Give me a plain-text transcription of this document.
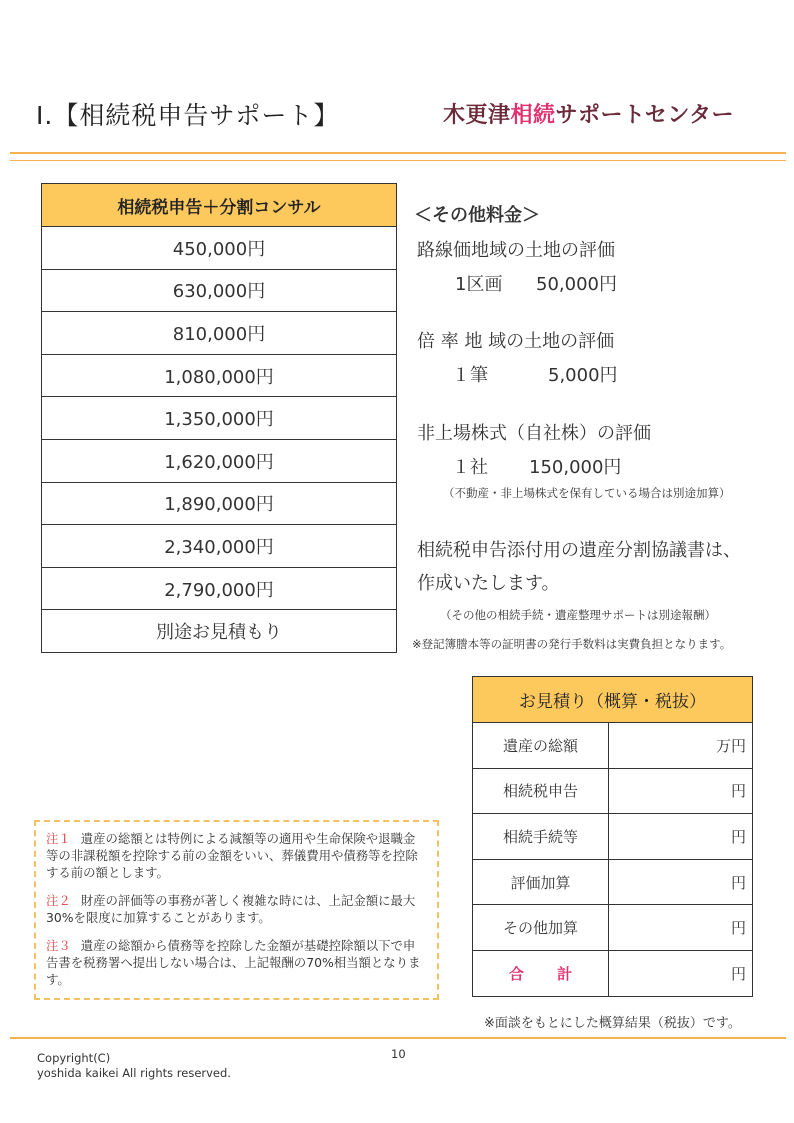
Ⅰ.【相続税申告サポート】	木更津相続サポートセンター
相続税申告＋分割コンサル
450,000円
630,000円
810,000円
1,080,000円
1,350,000円
1,620,000円
1,890,000円
2,340,000円
2,790,000円
別途お見積もり
＜その他料金＞
路線価地域の土地の評価
1区画 50,000円
倍 率 地 域の土地の評価
１筆	5,000円
非上場株式（自社株）の評価
１社 150,000円
（不動産・非上場株式を保有している場合は別途加算）
相続税申告添付用の遺産分割協議書は、
作成いたします。
（その他の相続手続・遺産整理サポートは別途報酬）
※登記簿謄本等の証明書の発行手数料は実費負担となります。

注１ 遺産の総額とは特例による減額等の適用や生命保険や退職金等の非課税額を控除する前の金額をいい、葬儀費用や債務等を控除する前の額とします。

注２ 財産の評価等の事務が著しく複雑な時には、上記金額に最大30%を限度に加算することがあります。

注３ 遺産の総額から債務等を控除した金額が基礎控除額以下で申告書を税務署へ提出しない場合は、上記報酬の70%相当額となります。

お見積り（概算・税抜）	
遺産の総額	万円
相続税申告	円
相続手続等	円
評価加算	円
その他加算	円
合 計	円
※面談をもとにした概算結果（税抜）です。
Copyright(C)
yoshida kaikei All rights reserved.
10
